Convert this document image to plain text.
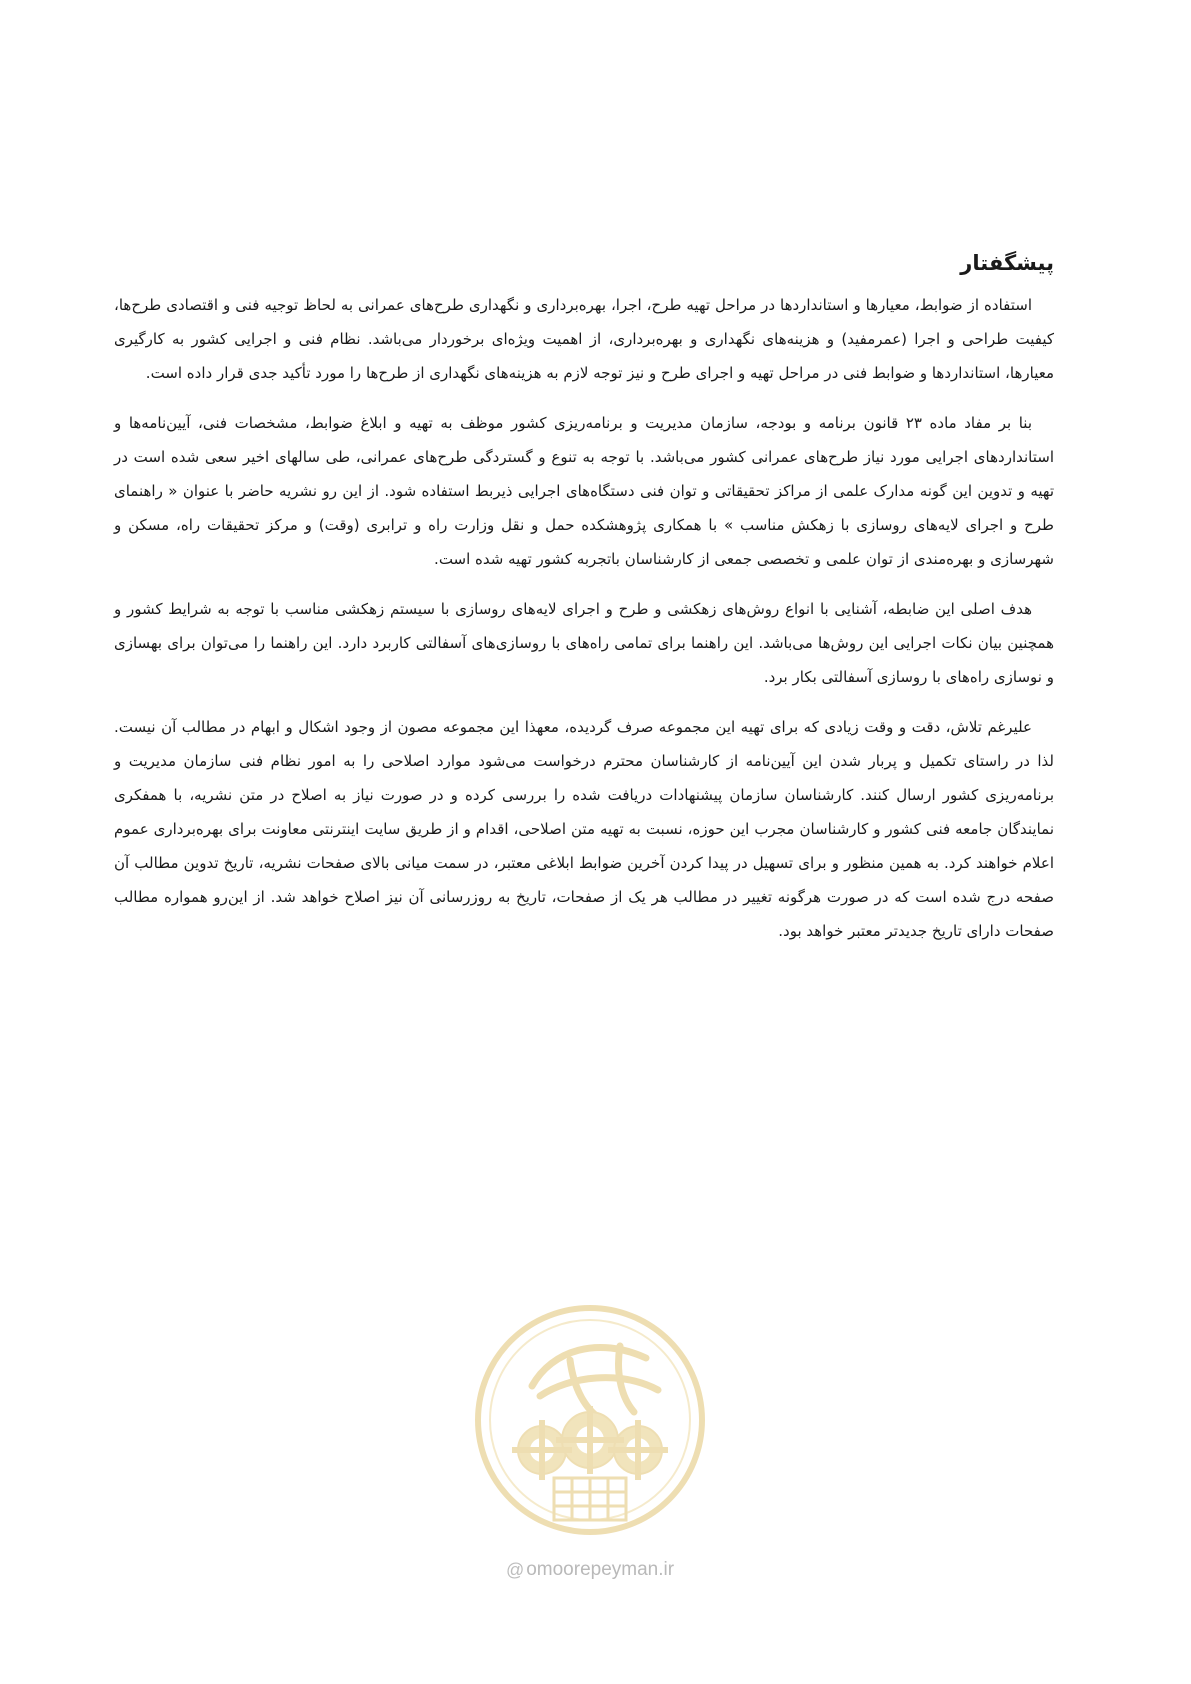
پیشگفتار

استفاده از ضوابط، معیارها و استانداردها در مراحل تهیه طرح، اجرا، بهره‌برداری و نگهداری طرح‌های عمرانی به لحاظ توجیه فنی و اقتصادی طرح‌ها، کیفیت طراحی و اجرا (عمرمفید) و هزینه‌های نگهداری و بهره‌برداری، از اهمیت ویژه‌ای برخوردار می‌باشد. نظام فنی و اجرایی کشور به کارگیری معیارها، استانداردها و ضوابط فنی در مراحل تهیه و اجرای طرح و نیز توجه لازم به هزینه‌های نگهداری از طرح‌ها را مورد تأکید جدی قرار داده است.

بنا بر مفاد ماده ۲۳ قانون برنامه و بودجه، سازمان مدیریت و برنامه‌ریزی کشور موظف به تهیه و ابلاغ ضوابط، مشخصات فنی، آیین‌نامه‌ها و استانداردهای اجرایی مورد نیاز طرح‌های عمرانی کشور می‌باشد. با توجه به تنوع و گستردگی طرح‌های عمرانی، طی سالهای اخیر سعی شده است در تهیه و تدوین این گونه مدارک علمی از مراکز تحقیقاتی و توان فنی دستگاه‌های اجرایی ذیربط استفاده شود. از این رو نشریه حاضر با عنوان « راهنمای طرح و اجرای لایه‌های روسازی با زهکش مناسب » با همکاری پژوهشکده حمل و نقل وزارت راه و ترابری (وقت) و مرکز تحقیقات راه، مسکن و شهرسازی و بهره‌مندی از توان علمی و تخصصی جمعی از کارشناسان باتجربه کشور تهیه شده است.

هدف اصلی این ضابطه، آشنایی با انواع روش‌های زهکشی و طرح و اجرای لایه‌های روسازی با سیستم زهکشی مناسب با توجه به شرایط کشور و همچنین بیان نکات اجرایی این روش‌ها می‌باشد. این راهنما برای تمامی راه‌های با روسازی‌های آسفالتی کاربرد دارد. این راهنما را می‌توان برای بهسازی و نوسازی راه‌های با روسازی آسفالتی بکار برد.

علیرغم تلاش، دقت و وقت زیادی که برای تهیه این مجموعه صرف گردیده، معهذا این مجموعه مصون از وجود اشکال و ابهام در مطالب آن نیست. لذا در راستای تکمیل و پربار شدن این آیین‌نامه از کارشناسان محترم درخواست می‌شود موارد اصلاحی را به امور نظام فنی سازمان مدیریت و برنامه‌ریزی کشور ارسال کنند. کارشناسان سازمان پیشنهادات دریافت شده را بررسی کرده و در صورت نیاز به اصلاح در متن نشریه، با همفکری نمایندگان جامعه فنی کشور و کارشناسان مجرب این حوزه، نسبت به تهیه متن اصلاحی، اقدام و از طریق سایت اینترنتی معاونت برای بهره‌برداری عموم اعلام خواهند کرد. به همین منظور و برای تسهیل در پیدا کردن آخرین ضوابط ابلاغی معتبر، در سمت میانی بالای صفحات نشریه، تاریخ تدوین مطالب آن صفحه درج شده است که در صورت هرگونه تغییر در مطالب هر یک از صفحات، تاریخ به روزرسانی آن نیز اصلاح خواهد شد. از این‌رو همواره مطالب صفحات دارای تاریخ جدیدتر معتبر خواهد بود.

@ omoorepeyman.ir
